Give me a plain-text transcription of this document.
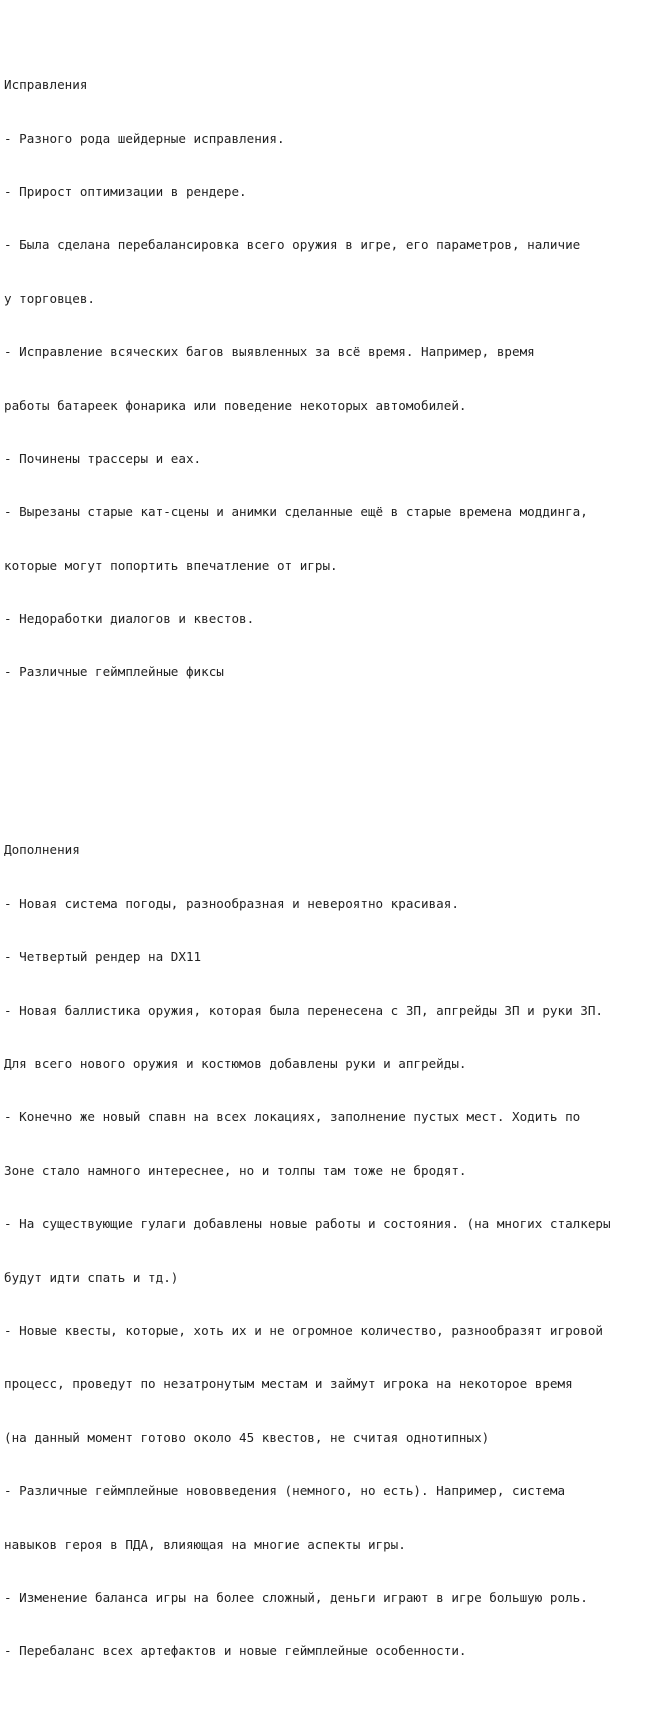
Исправления

- Разного рода шейдерные исправления.

- Прирост оптимизации в рендере.

- Была сделана перебалансировка всего оружия в игре, его параметров, наличие

у торговцев.

- Исправление всяческих багов выявленных за всё время. Например, время

работы батареек фонарика или поведение некоторых автомобилей.

- Починены трассеры и еах.

- Вырезаны старые кат-сцены и анимки сделанные ещё в старые времена моддинга,

которые могут попортить впечатление от игры.

- Недоработки диалогов и квестов.

- Различные геймплейные фиксы

Дополнения

- Новая система погоды, разнообразная и невероятно красивая.

- Четвертый рендер на DX11

- Новая баллистика оружия, которая была перенесена с ЗП, апгрейды ЗП и руки ЗП.

Для всего нового оружия и костюмов добавлены руки и апгрейды.

- Конечно же новый спавн на всех локациях, заполнение пустых мест. Ходить по

Зоне стало намного интереснее, но и толпы там тоже не бродят.

- На существующие гулаги добавлены новые работы и состояния. (на многих сталкеры

будут идти спать и тд.)

- Новые квесты, которые, хоть их и не огромное количество, разнообразят игровой

процесс, проведут по незатронутым местам и займут игрока на некоторое время

(на данный момент готово около 45 квестов, не считая однотипных)

- Различные геймплейные нововведения (немного, но есть). Например, система

навыков героя в ПДА, влияющая на многие аспекты игры.

- Изменение баланса игры на более сложный, деньги играют в игре большую роль.

- Перебаланс всех артефактов и новые геймплейные особенности.
